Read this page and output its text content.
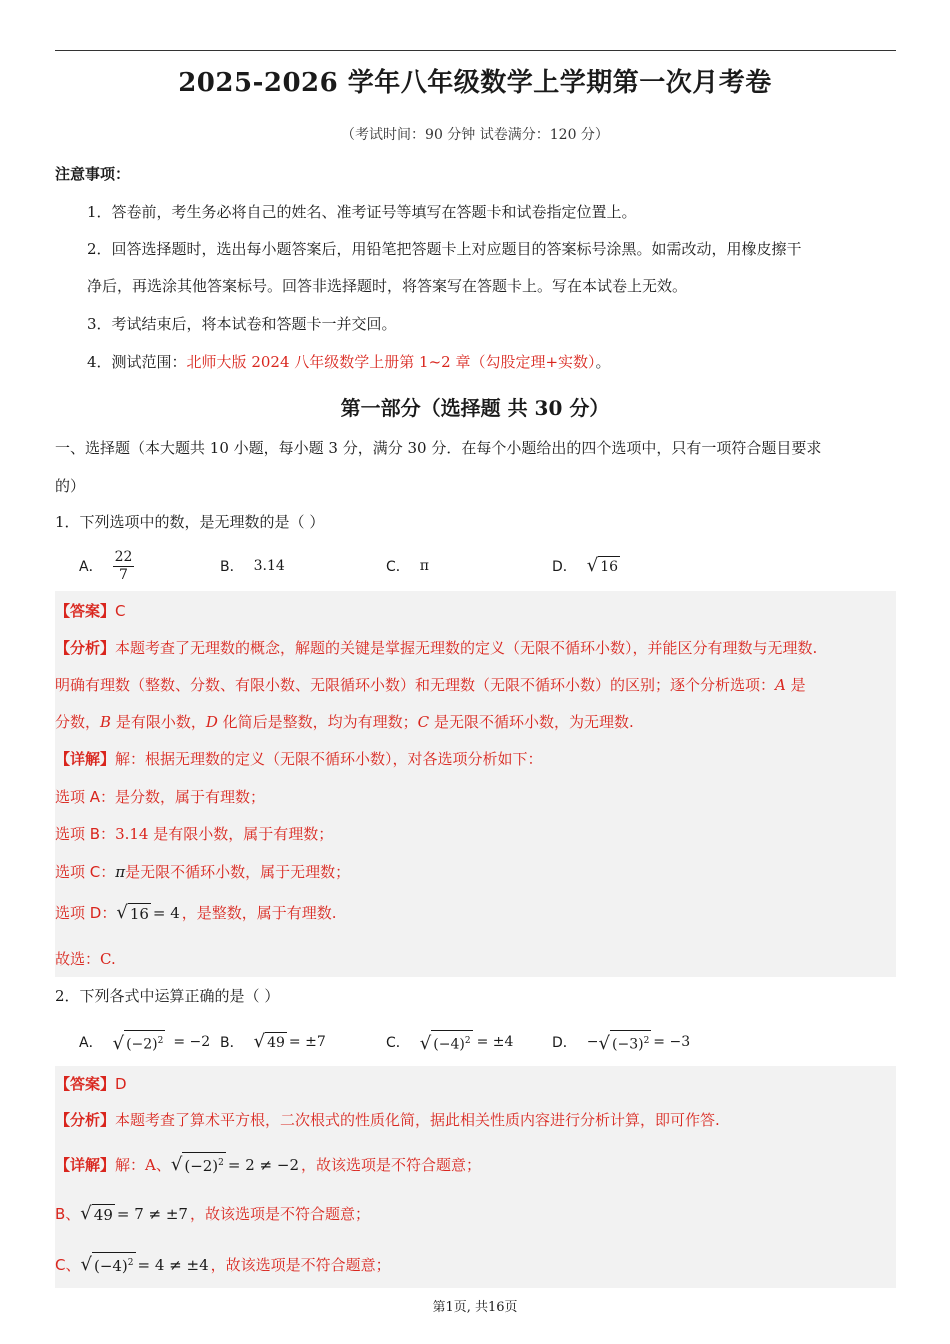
2025-2026 学年八年级数学上学期第一次月考卷
（考试时间：90 分钟 试卷满分：120 分）
注意事项：
1．答卷前，考生务必将自己的姓名、准考证号等填写在答题卡和试卷指定位置上。
2．回答选择题时，选出每小题答案后，用铅笔把答题卡上对应题目的答案标号涂黑。如需改动，用橡皮擦干
净后，再选涂其他答案标号。回答非选择题时，将答案写在答题卡上。写在本试卷上无效。
3．考试结束后，将本试卷和答题卡一并交回。
4．测试范围：北师大版 2024 八年级数学上册第 1~2 章（勾股定理+实数）。
第一部分（选择题 共 30 分）
一、选择题（本大题共 10 小题，每小题 3 分，满分 30 分．在每个小题给出的四个选项中，只有一项符合题目要求
的）
1．下列选项中的数，是无理数的是（ ）
A． $\frac{22}{7}$	B． 3.14	C． π	D． √ 16
【答案】C
【分析】本题考查了无理数的概念，解题的关键是掌握无理数的定义（无限不循环小数），并能区分有理数与无理数.
明确有理数（整数、分数、有限小数、无限循环小数）和无理数（无限不循环小数）的区别；逐个分析选项：A 是
分数，B 是有限小数，D 化简后是整数，均为有理数；C 是无限不循环小数，为无理数.
【详解】解：根据无理数的定义（无限不循环小数），对各选项分析如下：
选项 A：是分数，属于有理数；
选项 B：3.14 是有限小数，属于有理数；
选项 C：π是无限不循环小数，属于无理数；
选项 D： √ 16 = 4 ，是整数，属于有理数.
故选：C.
2．下列各式中运算正确的是（ ）
A． √ $(-2)^2 = -2$ B． √ 49 = ±7	C． √ $(-4)^2 = \pm 4$	D． − √ $(-3)^2 = -3$
【答案】D
【分析】本题考查了算术平方根，二次根式的性质化简，据此相关性质内容进行分析计算，即可作答.
【详解】 解：A、 √ $(-2)^2 = 2 \ne -2$ ，故该选项是不符合题意；
B、 √ 49 = 7 ≠ ±7 ，故该选项是不符合题意；
C、 √ $(-4)^2 = 4 \ne \pm 4$ ，故该选项是不符合题意；
第1页, 共16页
